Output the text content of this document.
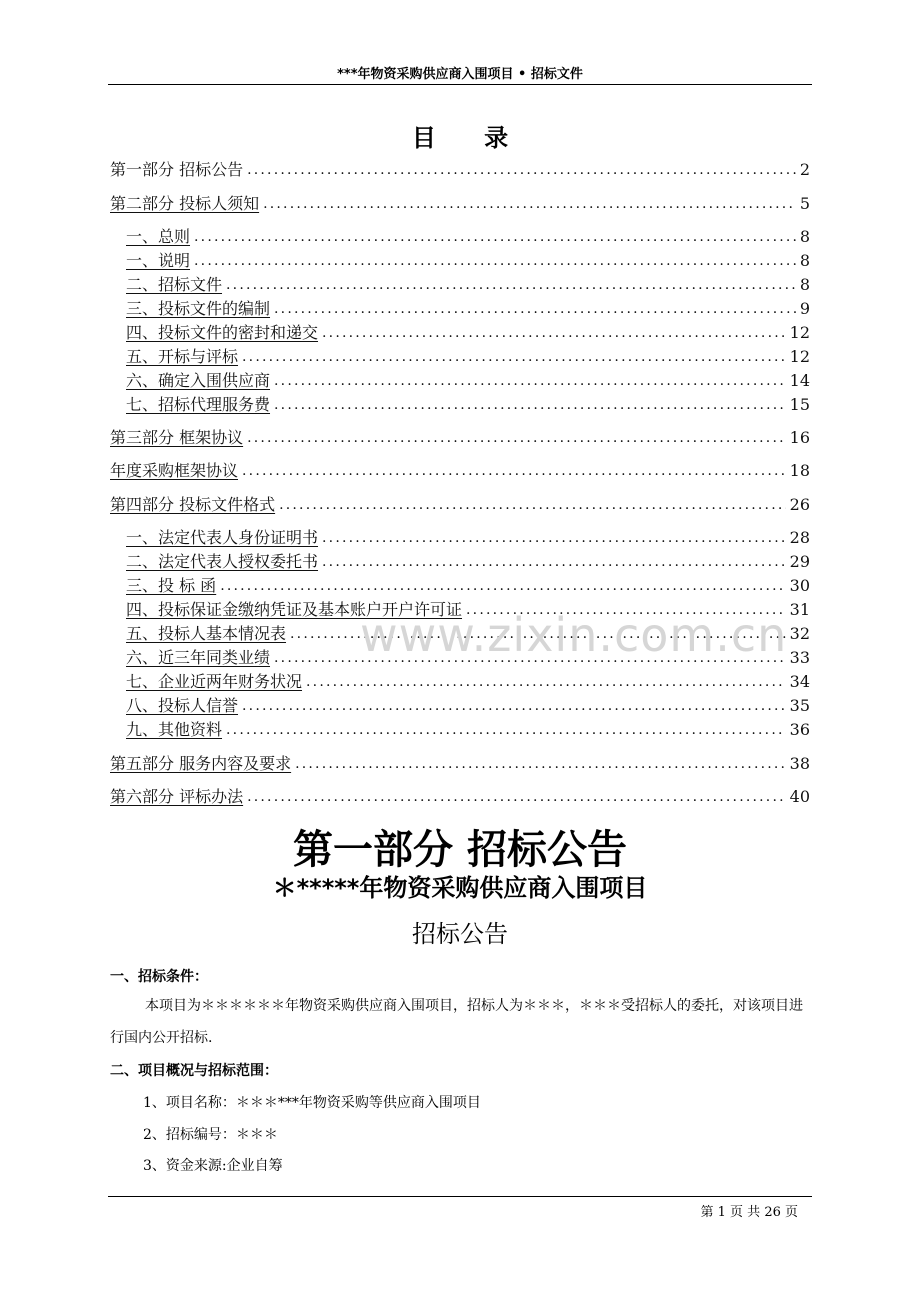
***年物资采购供应商入围项目 • 招标文件
目 录
第一部分 招标公告 .....	2
第二部分 投标人须知 .....	5
一、总则 .....	8
一、说明 .....	8
二、招标文件 .....	8
三、投标文件的编制 .....	9
四、投标文件的密封和递交 .....	12
五、开标与评标 .....	12
六、确定入围供应商 .....	14
七、招标代理服务费 .....	15
第三部分 框架协议 .....	16
年度采购框架协议 .....	18
第四部分 投标文件格式 .....	26
一、法定代表人身份证明书 .....	28
二、法定代表人授权委托书 .....	29
三、投 标 函 .....	30
四、投标保证金缴纳凭证及基本账户开户许可证 .....	31
五、投标人基本情况表 .....	32
六、近三年同类业绩 .....	33
七、企业近两年财务状况 .....	34
八、投标人信誉 .....	35
九、其他资料 .....	36
第五部分 服务内容及要求 .....	38
第六部分 评标办法 .....	40
www.zixin.com.cn
第一部分 招标公告
＊*****年物资采购供应商入围项目
招标公告
一、招标条件：
本项目为＊＊＊＊＊＊年物资采购供应商入围项目，招标人为＊＊＊，＊＊＊受招标人的委托，对该项目进行国内公开招标.
二、项目概况与招标范围：
1、项目名称：＊＊＊***年物资采购等供应商入围项目
2、招标编号：＊＊＊
3、资金来源:企业自筹
第 1 页 共 26 页
